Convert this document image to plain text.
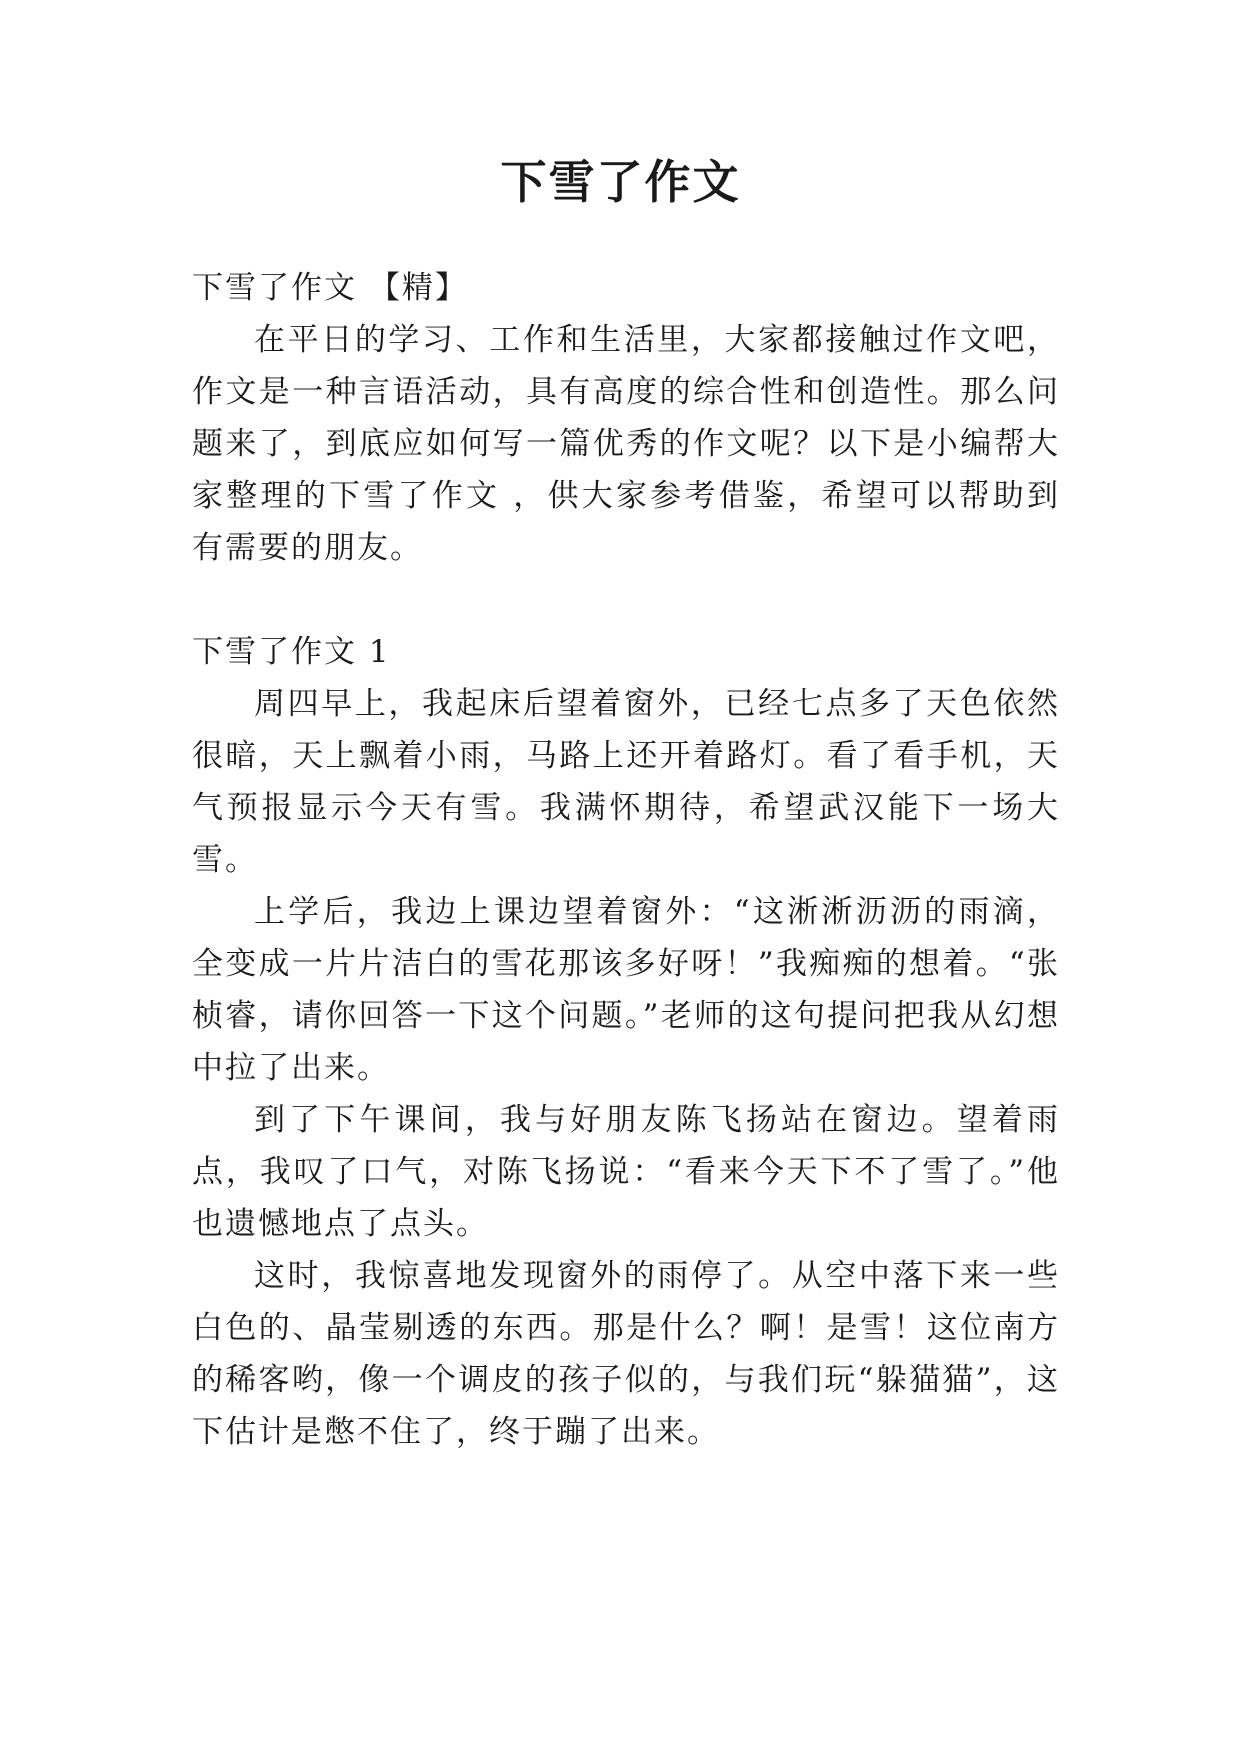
下雪了作文

下雪了作文 【精】

在平日的学习、工作和生活里，大家都接触过作文吧，作文是一种言语活动，具有高度的综合性和创造性。那么问题来了，到底应如何写一篇优秀的作文呢？以下是小编帮大家整理的下雪了作文 ，供大家参考借鉴，希望可以帮助到有需要的朋友。

下雪了作文 1

周四早上，我起床后望着窗外，已经七点多了天色依然很暗，天上飘着小雨，马路上还开着路灯。看了看手机，天气预报显示今天有雪。我满怀期待，希望武汉能下一场大雪。

上学后，我边上课边望着窗外：“这淅淅沥沥的雨滴，全变成一片片洁白的雪花那该多好呀！”我痴痴的想着。“张桢睿，请你回答一下这个问题。”老师的这句提问把我从幻想中拉了出来。

到了下午课间，我与好朋友陈飞扬站在窗边。望着雨点，我叹了口气，对陈飞扬说：“看来今天下不了雪了。”他也遗憾地点了点头。

这时，我惊喜地发现窗外的雨停了。从空中落下来一些白色的、晶莹剔透的东西。那是什么？啊！是雪！这位南方的稀客哟，像一个调皮的孩子似的，与我们玩“躲猫猫”，这下估计是憋不住了，终于蹦了出来。
